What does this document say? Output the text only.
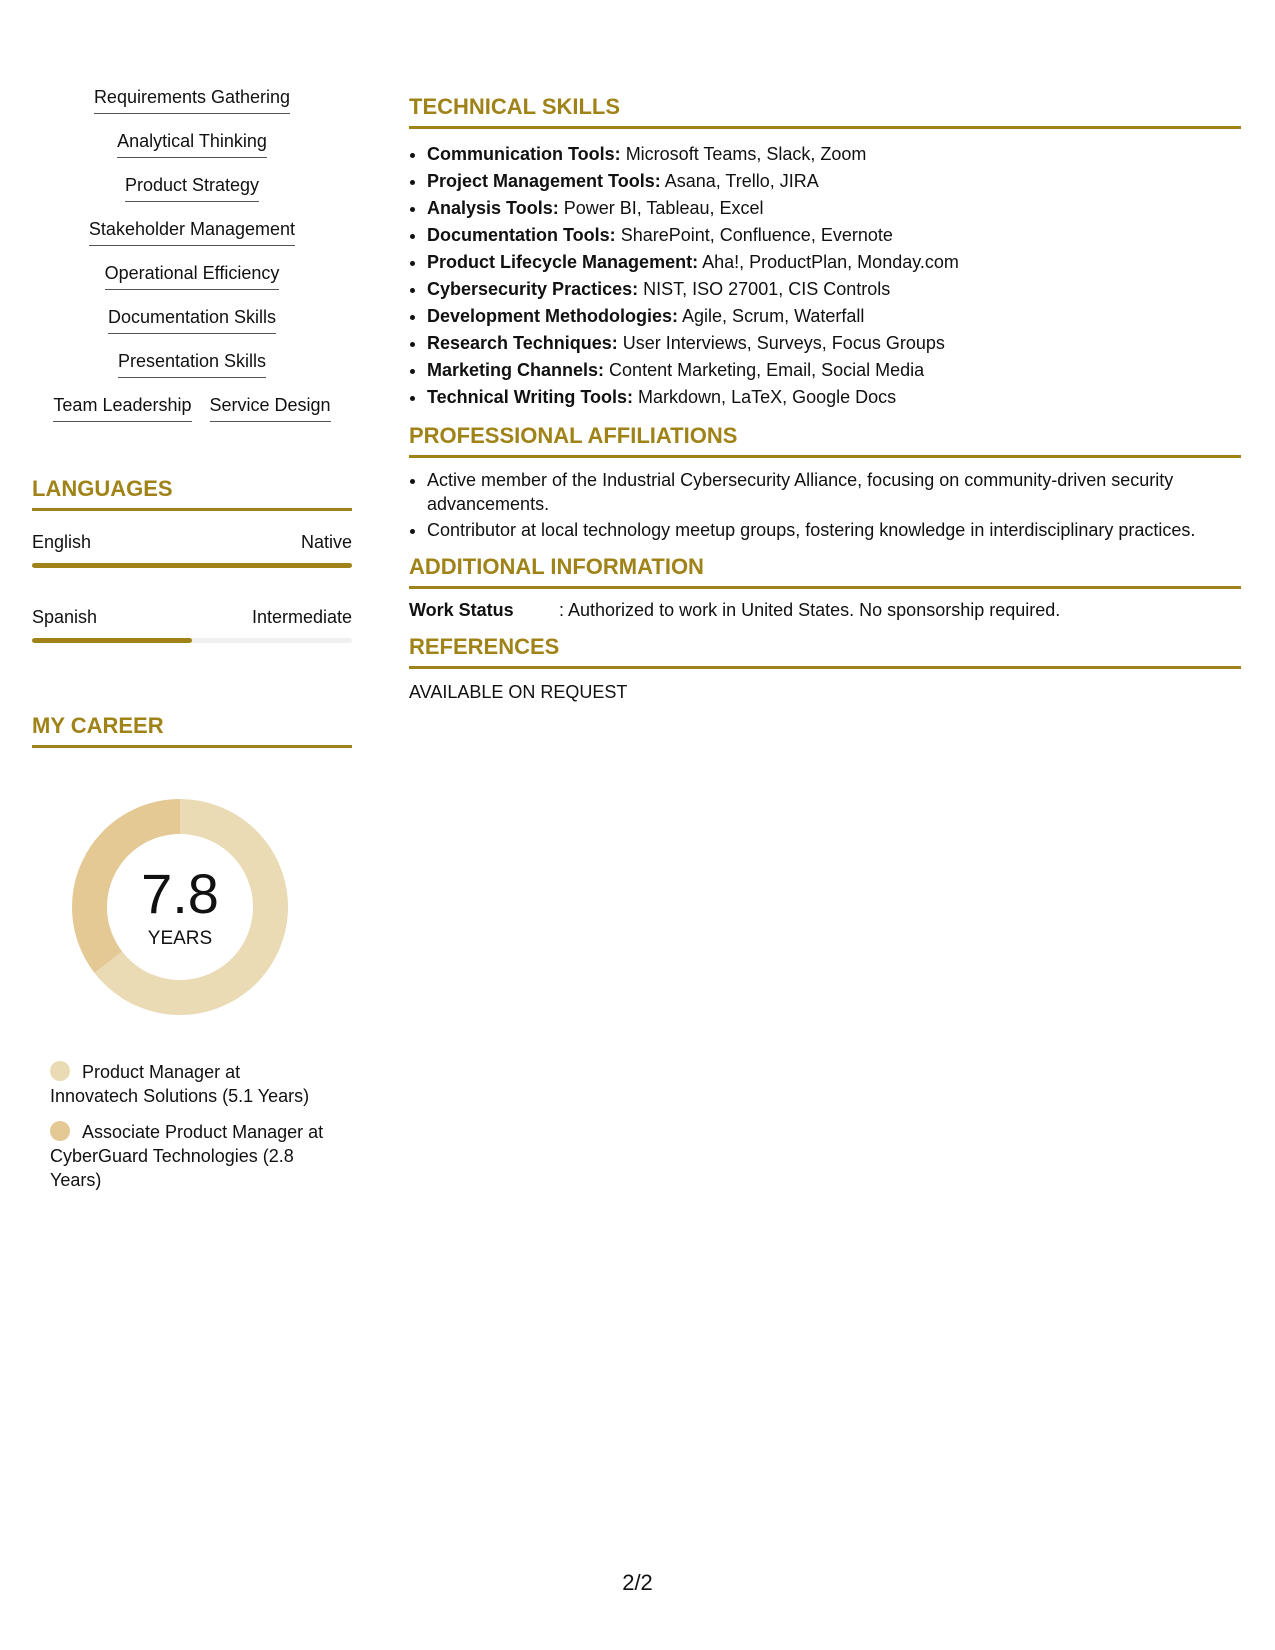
Requirements Gathering
Analytical Thinking
Product Strategy
Stakeholder Management
Operational Efficiency
Documentation Skills
Presentation Skills
Team Leadership Service Design
LANGUAGES
English	Native
Spanish	Intermediate
MY CAREER
7.8
YEARS
Product Manager at Innovatech Solutions (5.1 Years)
Associate Product Manager at CyberGuard Technologies (2.8 Years)
TECHNICAL SKILLS
• Communication Tools: Microsoft Teams, Slack, Zoom
• Project Management Tools: Asana, Trello, JIRA
• Analysis Tools: Power BI, Tableau, Excel
• Documentation Tools: SharePoint, Confluence, Evernote
• Product Lifecycle Management: Aha!, ProductPlan, Monday.com
• Cybersecurity Practices: NIST, ISO 27001, CIS Controls
• Development Methodologies: Agile, Scrum, Waterfall
• Research Techniques: User Interviews, Surveys, Focus Groups
• Marketing Channels: Content Marketing, Email, Social Media
• Technical Writing Tools: Markdown, LaTeX, Google Docs
PROFESSIONAL AFFILIATIONS
• Active member of the Industrial Cybersecurity Alliance, focusing on community-driven security advancements.
• Contributor at local technology meetup groups, fostering knowledge in interdisciplinary practices.
ADDITIONAL INFORMATION
Work Status	: Authorized to work in United States. No sponsorship required.
REFERENCES
AVAILABLE ON REQUEST
2/2
